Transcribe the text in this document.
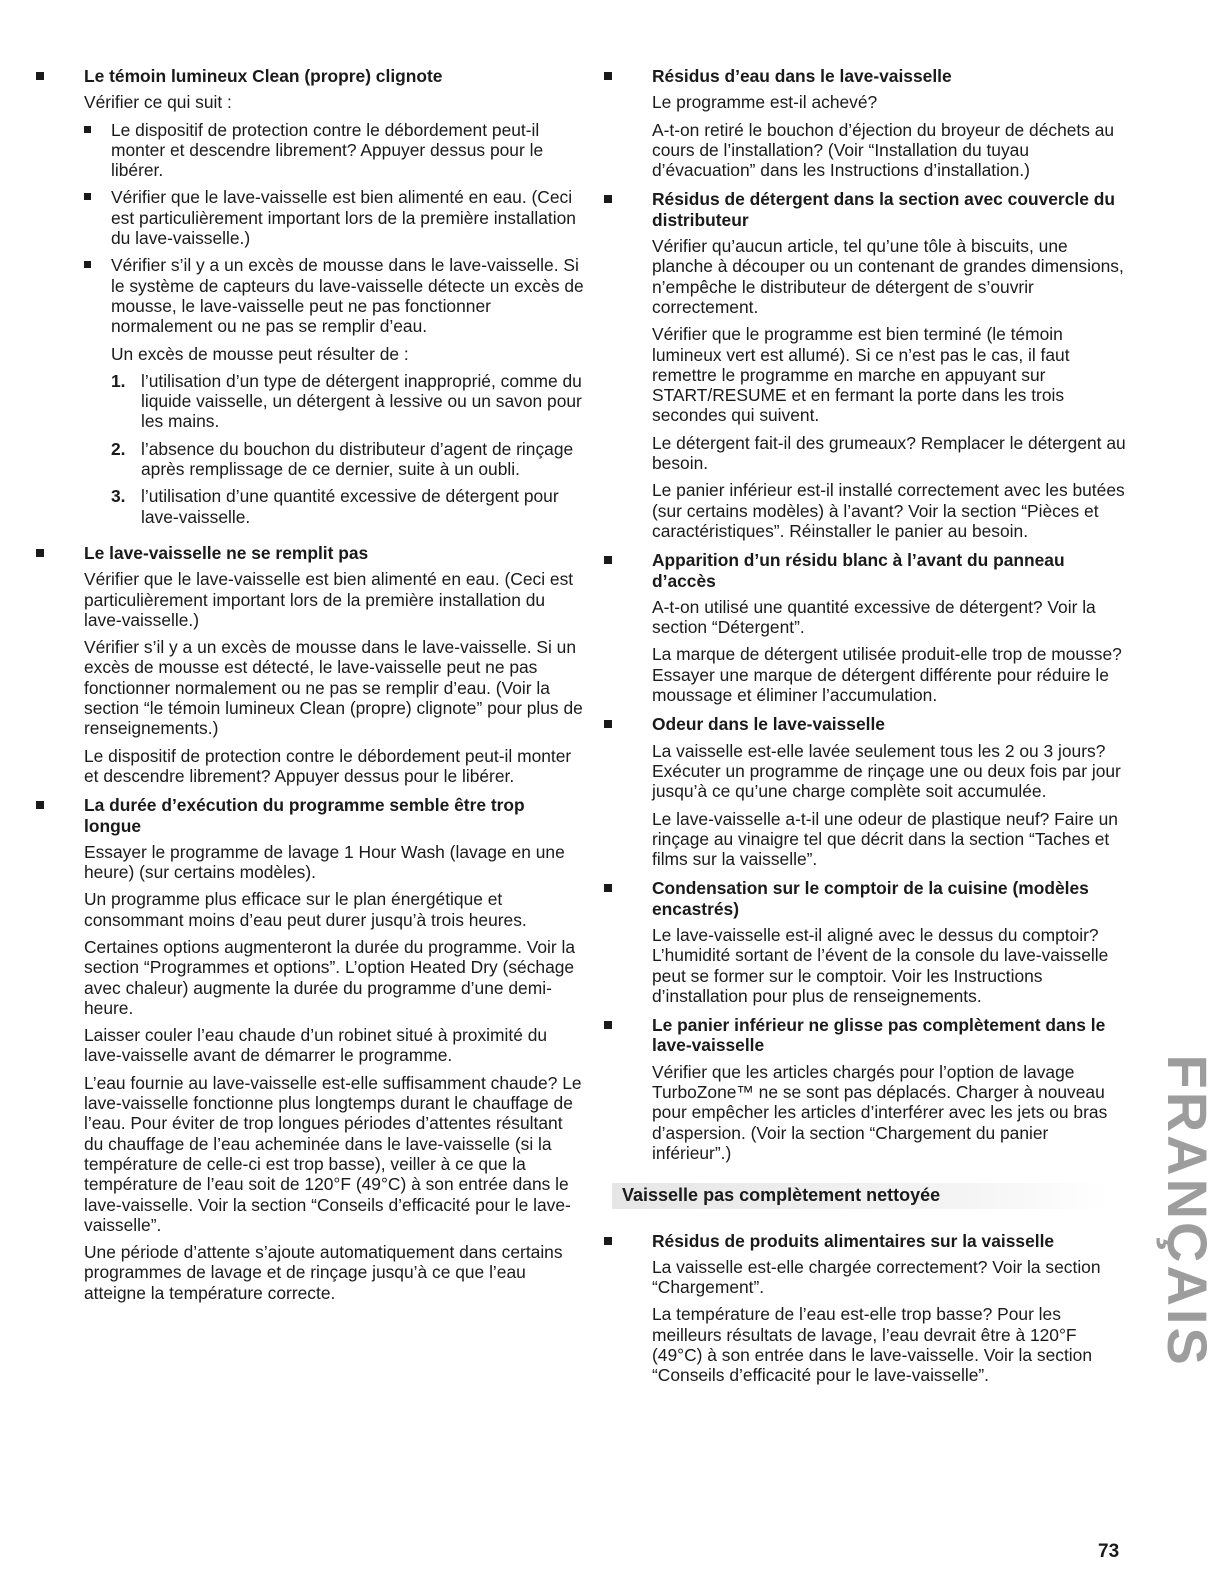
Le témoin lumineux Clean (propre) clignote

Vérifier ce qui suit :

Le dispositif de protection contre le débordement peut-il monter et descendre librement? Appuyer dessus pour le libérer.
Vérifier que le lave-vaisselle est bien alimenté en eau. (Ceci est particulièrement important lors de la première installation du lave-vaisselle.)
Vérifier s’il y a un excès de mousse dans le lave-vaisselle. Si le système de capteurs du lave-vaisselle détecte un excès de mousse, le lave-vaisselle peut ne pas fonctionner normalement ou ne pas se remplir d’eau.

Un excès de mousse peut résulter de :

1. l’utilisation d’un type de détergent inapproprié, comme du liquide vaisselle, un détergent à lessive ou un savon pour les mains.
2. l’absence du bouchon du distributeur d’agent de rinçage après remplissage de ce dernier, suite à un oubli.
3. l’utilisation d’une quantité excessive de détergent pour lave-vaisselle.
Le lave-vaisselle ne se remplit pas

Vérifier que le lave-vaisselle est bien alimenté en eau. (Ceci est particulièrement important lors de la première installation du lave-vaisselle.)

Vérifier s’il y a un excès de mousse dans le lave-vaisselle. Si un excès de mousse est détecté, le lave-vaisselle peut ne pas fonctionner normalement ou ne pas se remplir d’eau. (Voir la section “le témoin lumineux Clean (propre) clignote” pour plus de renseignements.)

Le dispositif de protection contre le débordement peut-il monter et descendre librement? Appuyer dessus pour le libérer.

La durée d’exécution du programme semble être trop longue

Essayer le programme de lavage 1 Hour Wash (lavage en une heure) (sur certains modèles).

Un programme plus efficace sur le plan énergétique et consommant moins d’eau peut durer jusqu’à trois heures.

Certaines options augmenteront la durée du programme. Voir la section “Programmes et options”. L’option Heated Dry (séchage avec chaleur) augmente la durée du programme d’une demi-heure.

Laisser couler l’eau chaude d’un robinet situé à proximité du lave-vaisselle avant de démarrer le programme.

L’eau fournie au lave-vaisselle est-elle suffisamment chaude? Le lave-vaisselle fonctionne plus longtemps durant le chauffage de l’eau. Pour éviter de trop longues périodes d’attentes résultant du chauffage de l’eau acheminée dans le lave-vaisselle (si la température de celle-ci est trop basse), veiller à ce que la température de l’eau soit de 120°F (49°C) à son entrée dans le lave-vaisselle. Voir la section “Conseils d’efficacité pour le lave-vaisselle”.

Une période d’attente s’ajoute automatiquement dans certains programmes de lavage et de rinçage jusqu’à ce que l’eau atteigne la température correcte.

Résidus d’eau dans le lave-vaisselle

Le programme est-il achevé?

A-t-on retiré le bouchon d’éjection du broyeur de déchets au cours de l’installation? (Voir “Installation du tuyau d’évacuation” dans les Instructions d’installation.)

Résidus de détergent dans la section avec couvercle du distributeur

Vérifier qu’aucun article, tel qu’une tôle à biscuits, une planche à découper ou un contenant de grandes dimensions, n’empêche le distributeur de détergent de s’ouvrir correctement.

Vérifier que le programme est bien terminé (le témoin lumineux vert est allumé). Si ce n’est pas le cas, il faut remettre le programme en marche en appuyant sur START/RESUME et en fermant la porte dans les trois secondes qui suivent.

Le détergent fait-il des grumeaux? Remplacer le détergent au besoin.

Le panier inférieur est-il installé correctement avec les butées (sur certains modèles) à l’avant? Voir la section “Pièces et caractéristiques”. Réinstaller le panier au besoin.

Apparition d’un résidu blanc à l’avant du panneau d’accès

A-t-on utilisé une quantité excessive de détergent? Voir la section “Détergent”.

La marque de détergent utilisée produit-elle trop de mousse? Essayer une marque de détergent différente pour réduire le moussage et éliminer l’accumulation.

Odeur dans le lave-vaisselle

La vaisselle est-elle lavée seulement tous les 2 ou 3 jours? Exécuter un programme de rinçage une ou deux fois par jour jusqu’à ce qu’une charge complète soit accumulée.

Le lave-vaisselle a-t-il une odeur de plastique neuf? Faire un rinçage au vinaigre tel que décrit dans la section “Taches et films sur la vaisselle”.

Condensation sur le comptoir de la cuisine (modèles encastrés)

Le lave-vaisselle est-il aligné avec le dessus du comptoir? L’humidité sortant de l’évent de la console du lave-vaisselle peut se former sur le comptoir. Voir les Instructions d’installation pour plus de renseignements.

Le panier inférieur ne glisse pas complètement dans le lave-vaisselle

Vérifier que les articles chargés pour l’option de lavage TurboZone™ ne se sont pas déplacés. Charger à nouveau pour empêcher les articles d’interférer avec les jets ou bras d’aspersion. (Voir la section “Chargement du panier inférieur”.)

Vaisselle pas complètement nettoyée
Résidus de produits alimentaires sur la vaisselle

La vaisselle est-elle chargée correctement? Voir la section “Chargement”.

La température de l’eau est-elle trop basse? Pour les meilleurs résultats de lavage, l’eau devrait être à 120°F (49°C) à son entrée dans le lave-vaisselle. Voir la section “Conseils d’efficacité pour le lave-vaisselle”.

FRANÇAIS
73
